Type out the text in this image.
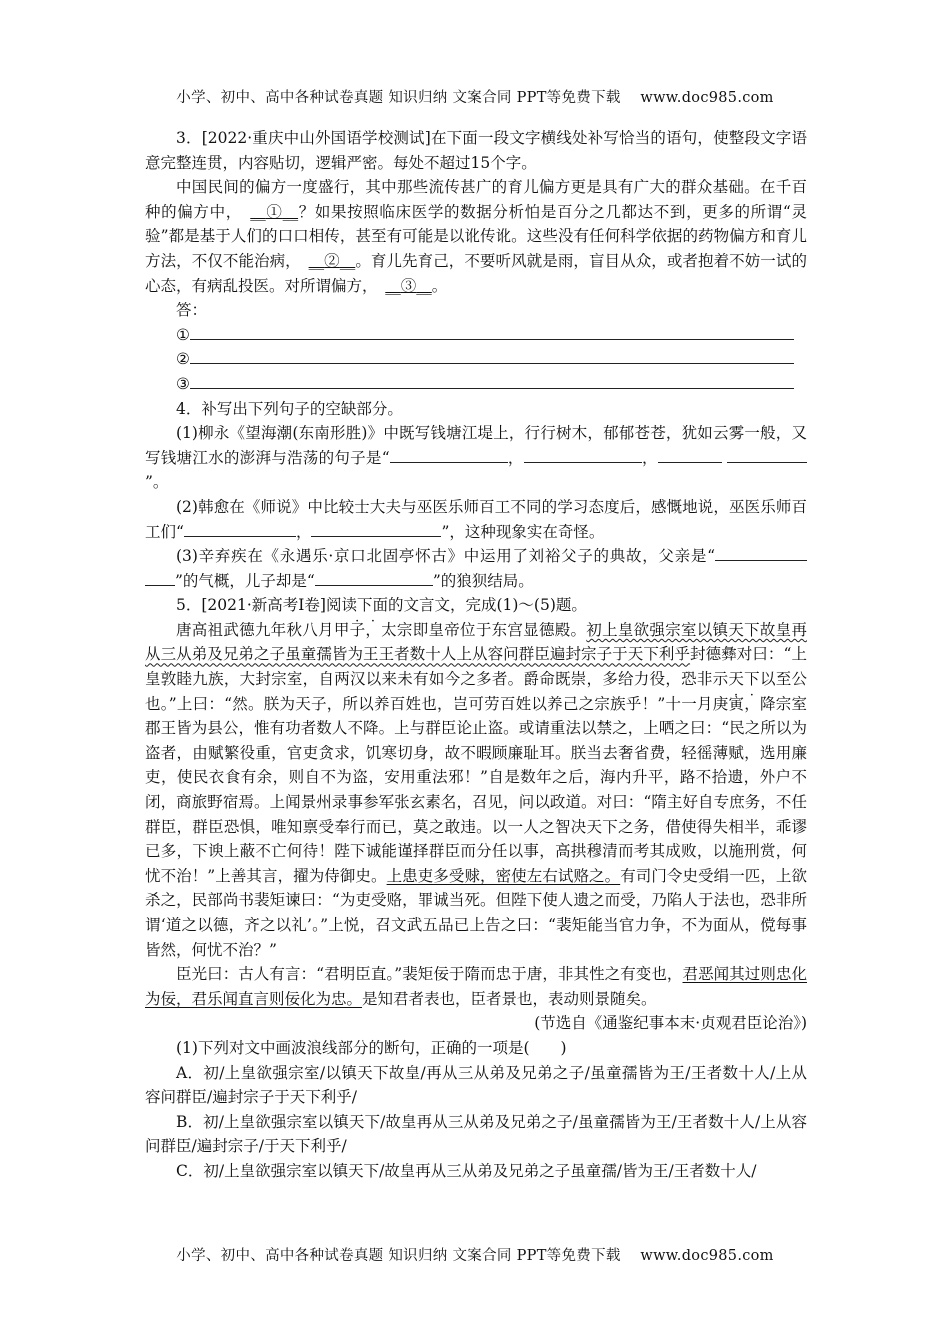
小学、初中、高中各种试卷真题 知识归纳 文案合同 PPT等免费下载　 www.doc985.com

3．[2022·重庆中山外国语学校测试]在下面一段文字横线处补写恰当的语句，使整段文字语意完整连贯，内容贴切，逻辑严密。每处不超过15个字。

中国民间的偏方一度盛行，其中那些流传甚广的育儿偏方更是具有广大的群众基础。在千百种的偏方中，　 __①__？如果按照临床医学的数据分析怕是百分之几都达不到，更多的所谓“灵验”都是基于人们的口口相传，甚至有可能是以讹传讹。这些没有任何科学依据的药物偏方和育儿方法，不仅不能治病，　 __②__。育儿先育己，不要听风就是雨，盲目从众，或者抱着不妨一试的心态，有病乱投医。对所谓偏方，　 __③__。

答：

①

②

③

4．补写出下列句子的空缺部分。

(1)柳永《望海潮(东南形胜)》中既写钱塘江堤上，行行树木，郁郁苍苍，犹如云雾一般，又写钱塘江水的澎湃与浩荡的句子是“	，	， ”。

(2)韩愈在《师说》中比较士大夫与巫医乐师百工不同的学习态度后，感慨地说，巫医乐师百工们“	，	”，这种现象实在奇怪。

(3)辛弃疾在《永遇乐·京口北固亭怀古》中运用了刘裕父子的典故，父亲是“ ”的气概，儿子却是“	”的狼狈结局。

5．[2021·新高考Ⅰ卷]阅读下面的文言文，完成(1)～(5)题。

唐高祖武德九年秋八月甲子，太宗即皇帝位于东宫显德殿。初上皇欲强宗室以镇天下故皇再从三从弟及兄弟之子虽童孺皆为王王者数十人上从容问群臣遍封宗子于天下利乎封德彝对曰：“上皇敦睦九族，大封宗室，自两汉以来未有如今之多者。爵命既崇，多给力役，恐非示天下以至公也。”上曰：“然。朕为天子，所以养百姓也，岂可劳百姓以养己之宗族乎！”十一月庚寅，降宗室郡王皆为县公，惟有功者数人不降。上与群臣论止盗。或请重法以禁之，上哂之曰：“民之所以为盗者，由赋繁役重，官吏贪求，饥寒切身，故不暇顾廉耻耳。朕当去奢省费，轻徭薄赋，选用廉吏，使民衣食有余，则自不为盗，安用重法邪！”自是数年之后，海内升平，路不拾遗，外户不闭，商旅野宿焉。上闻景州录事参军张玄素名，召见，问以政道。对曰：“隋主好自专庶务，不任群臣，群臣恐惧，唯知禀受奉行而已，莫之敢违。以一人之智决天下之务，借使得失相半，乖谬已多，下谀上蔽不亡何待！陛下诚能谨择群臣而分任以事，高拱穆清而考其成败，以施刑赏，何忧不治！”上善其言，擢为侍御史。上患吏多受赇，密使左右试赂之。有司门令史受绢一匹，上欲杀之，民部尚书裴矩谏曰：“为吏受赂，罪诚当死。但陛下使人遗之而受，乃陷人于法也，恐非所谓‘道之以德，齐之以礼’。”上悦，召文武五品已上告之曰：“裴矩能当官力争，不为面从，傥每事皆然，何忧不治？”

臣光曰：古人有言：“君明臣直。”裴矩佞于隋而忠于唐，非其性之有变也，君恶闻其过则忠化为佞，君乐闻直言则佞化为忠。是知君者表也，臣者景也，表动则景随矣。

(节选自《通鉴纪事本末·贞观君臣论治》)

(1)下列对文中画波浪线部分的断句，正确的一项是(　　)

A．初/上皇欲强宗室/以镇天下故皇/再从三从弟及兄弟之子/虽童孺皆为王/王者数十人/上从容问群臣/遍封宗子于天下利乎/

B．初/上皇欲强宗室以镇天下/故皇再从三从弟及兄弟之子/虽童孺皆为王/王者数十人/上从容问群臣/遍封宗子/于天下利乎/

C．初/上皇欲强宗室以镇天下/故皇再从三从弟及兄弟之子虽童孺/皆为王/王者数十人/

小学、初中、高中各种试卷真题 知识归纳 文案合同 PPT等免费下载　 www.doc985.com
